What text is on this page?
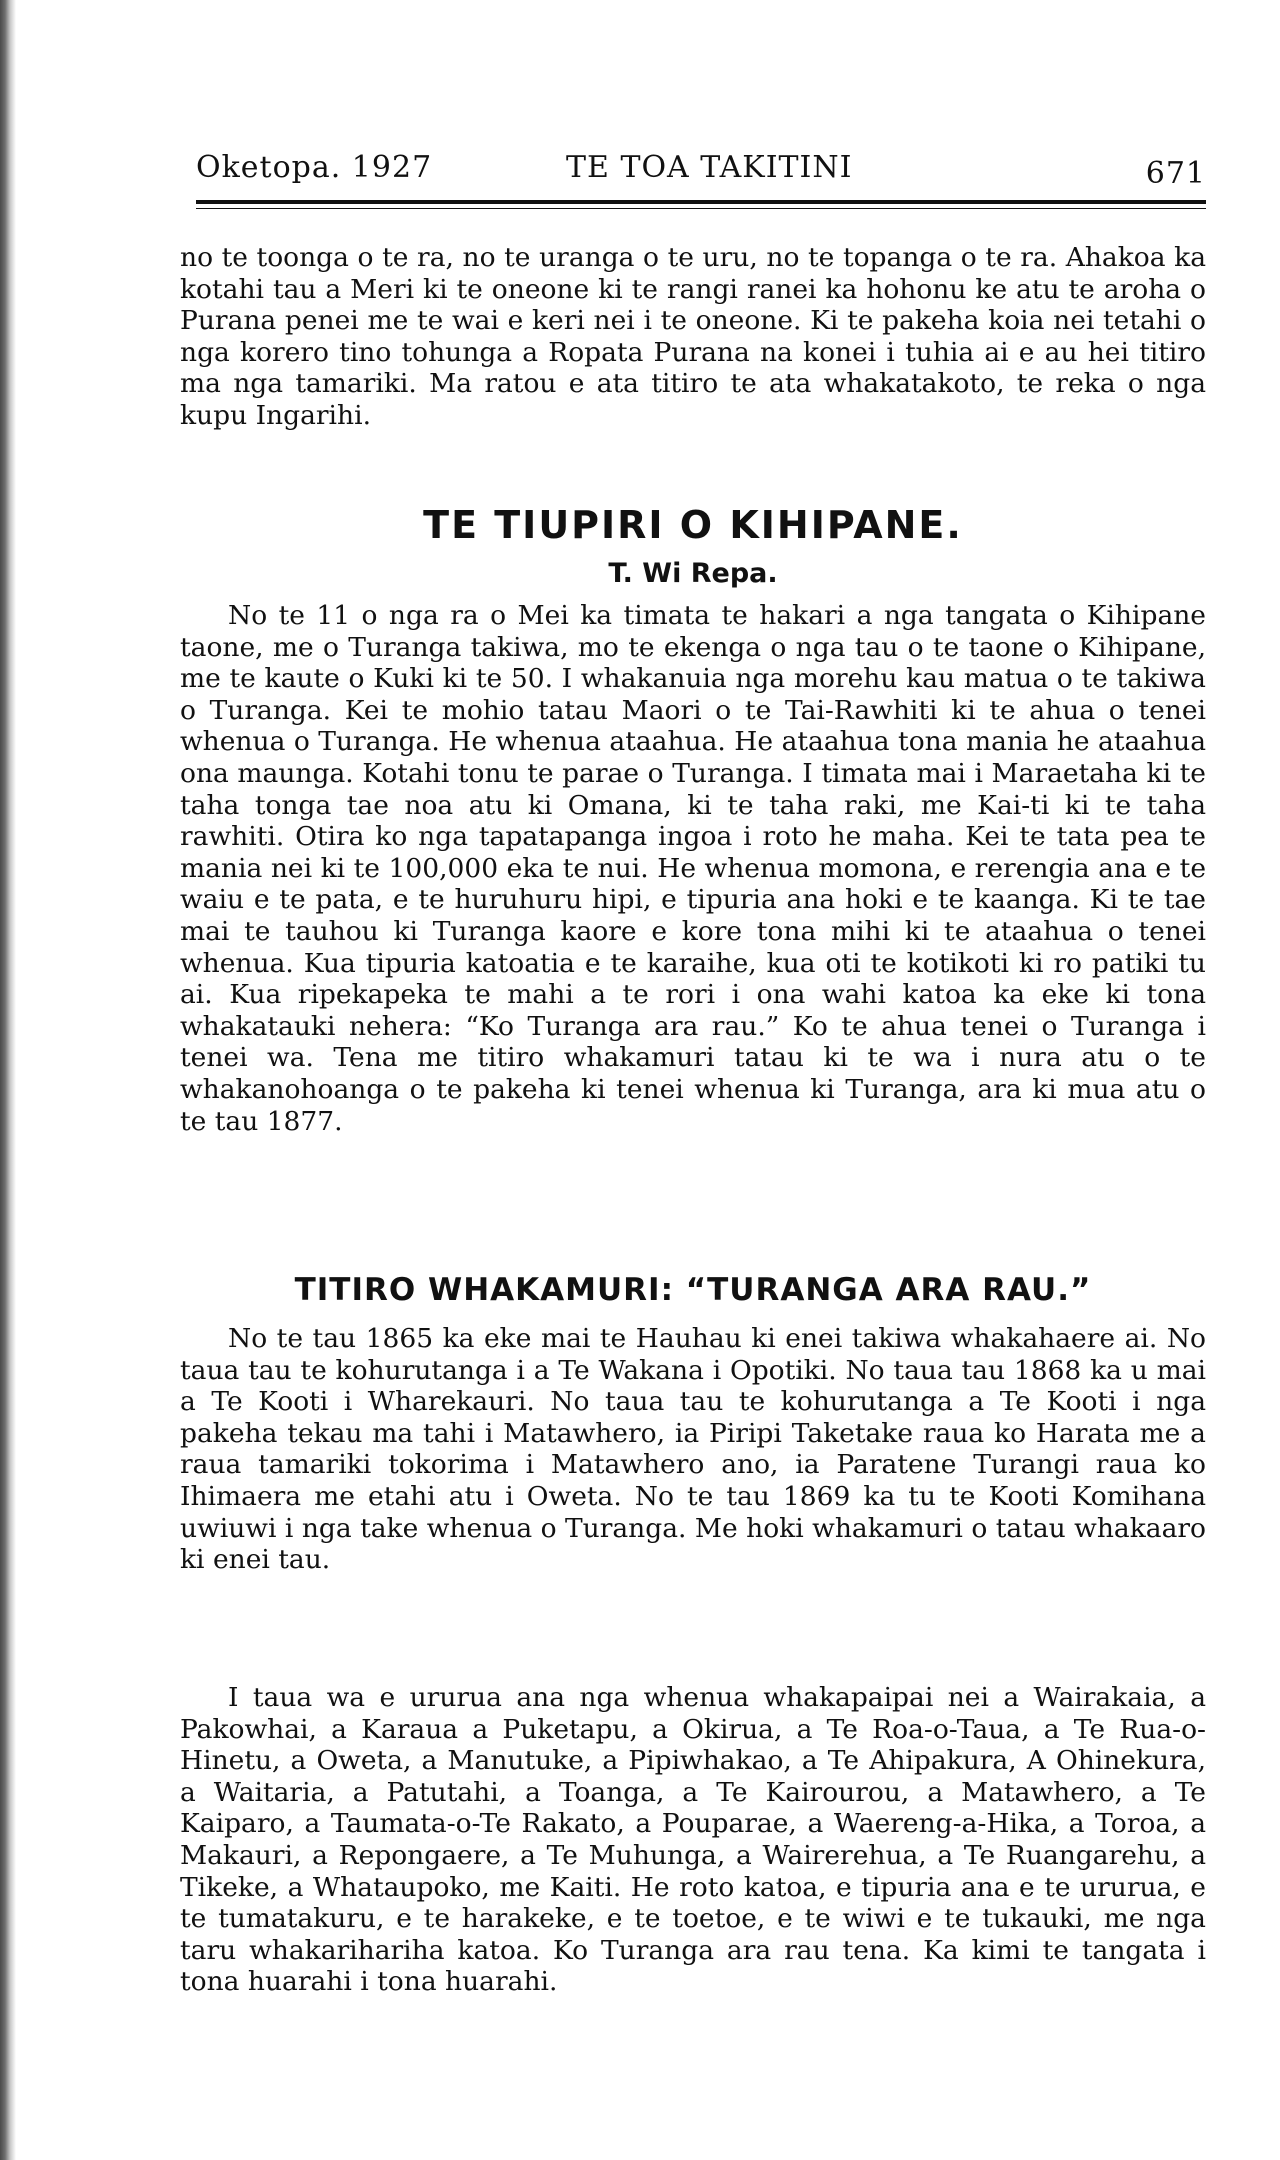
Oketopa. 1927	TE TOA TAKITINI	671

no te toonga o te ra, no te uranga o te uru, no te topanga o te ra. Ahakoa ka kotahi tau a Meri ki te oneone ki te rangi ranei ka hohonu ke atu te aroha o Purana penei me te wai e keri nei i te oneone. Ki te pakeha koia nei tetahi o nga korero tino tohunga a Ropata Purana na konei i tuhia ai e au hei titiro ma nga tamariki. Ma ratou e ata titiro te ata whakatakoto, te reka o nga kupu Ingarihi.

TE TIUPIRI O KIHIPANE.
T. Wi Repa.

No te 11 o nga ra o Mei ka timata te hakari a nga tangata o Kihipane taone, me o Turanga takiwa, mo te ekenga o nga tau o te taone o Kihipane, me te kaute o Kuki ki te 50. I whakanuia nga morehu kau matua o te takiwa o Turanga. Kei te mohio tatau Maori o te Tai-Rawhiti ki te ahua o tenei whenua o Turanga. He whenua ataahua. He ataahua tona mania he ataahua ona maunga. Kotahi tonu te parae o Turanga. I timata mai i Maraetaha ki te taha tonga tae noa atu ki Omana, ki te taha raki, me Kai-ti ki te taha rawhiti. Otira ko nga tapatapanga ingoa i roto he maha. Kei te tata pea te mania nei ki te 100,000 eka te nui. He whenua momona, e rerengia ana e te waiu e te pata, e te huruhuru hipi, e tipuria ana hoki e te kaanga. Ki te tae mai te tauhou ki Turanga kaore e kore tona mihi ki te ataahua o tenei whenua. Kua tipuria katoatia e te karaihe, kua oti te kotikoti ki ro patiki tu ai. Kua ripekapeka te mahi a te rori i ona wahi katoa ka eke ki tona whakatauki nehera: “Ko Turanga ara rau.” Ko te ahua tenei o Turanga i tenei wa. Tena me titiro whakamuri tatau ki te wa i nura atu o te whakanohoanga o te pakeha ki tenei whenua ki Turanga, ara ki mua atu o te tau 1877.

TITIRO WHAKAMURI: “TURANGA ARA RAU.”

No te tau 1865 ka eke mai te Hauhau ki enei takiwa whakahaere ai. No taua tau te kohurutanga i a Te Wakana i Opotiki. No taua tau 1868 ka u mai a Te Kooti i Wharekauri. No taua tau te kohurutanga a Te Kooti i nga pakeha tekau ma tahi i Matawhero, ia Piripi Taketake raua ko Harata me a raua tamariki tokorima i Matawhero ano, ia Paratene Turangi raua ko Ihimaera me etahi atu i Oweta. No te tau 1869 ka tu te Kooti Komihana uwiuwi i nga take whenua o Turanga. Me hoki whakamuri o tatau whakaaro ki enei tau.

I taua wa e ururua ana nga whenua whakapaipai nei a Wairakaia, a Pakowhai, a Karaua a Puketapu, a Okirua, a Te Roa-o-Taua, a Te Rua-o-Hinetu, a Oweta, a Manutuke, a Pipiwhakao, a Te Ahipakura, A Ohinekura, a Waitaria, a Patutahi, a Toanga, a Te Kairourou, a Matawhero, a Te Kaiparo, a Taumata-o-Te Rakato, a Pouparae, a Waereng-a-Hika, a Toroa, a Makauri, a Repongaere, a Te Muhunga, a Wairerehua, a Te Ruangarehu, a Tikeke, a Whataupoko, me Kaiti. He roto katoa, e tipuria ana e te ururua, e te tumatakuru, e te harakeke, e te toetoe, e te wiwi e te tukauki, me nga taru whakarihariha katoa. Ko Turanga ara rau tena. Ka kimi te tangata i tona huarahi i tona huarahi.
